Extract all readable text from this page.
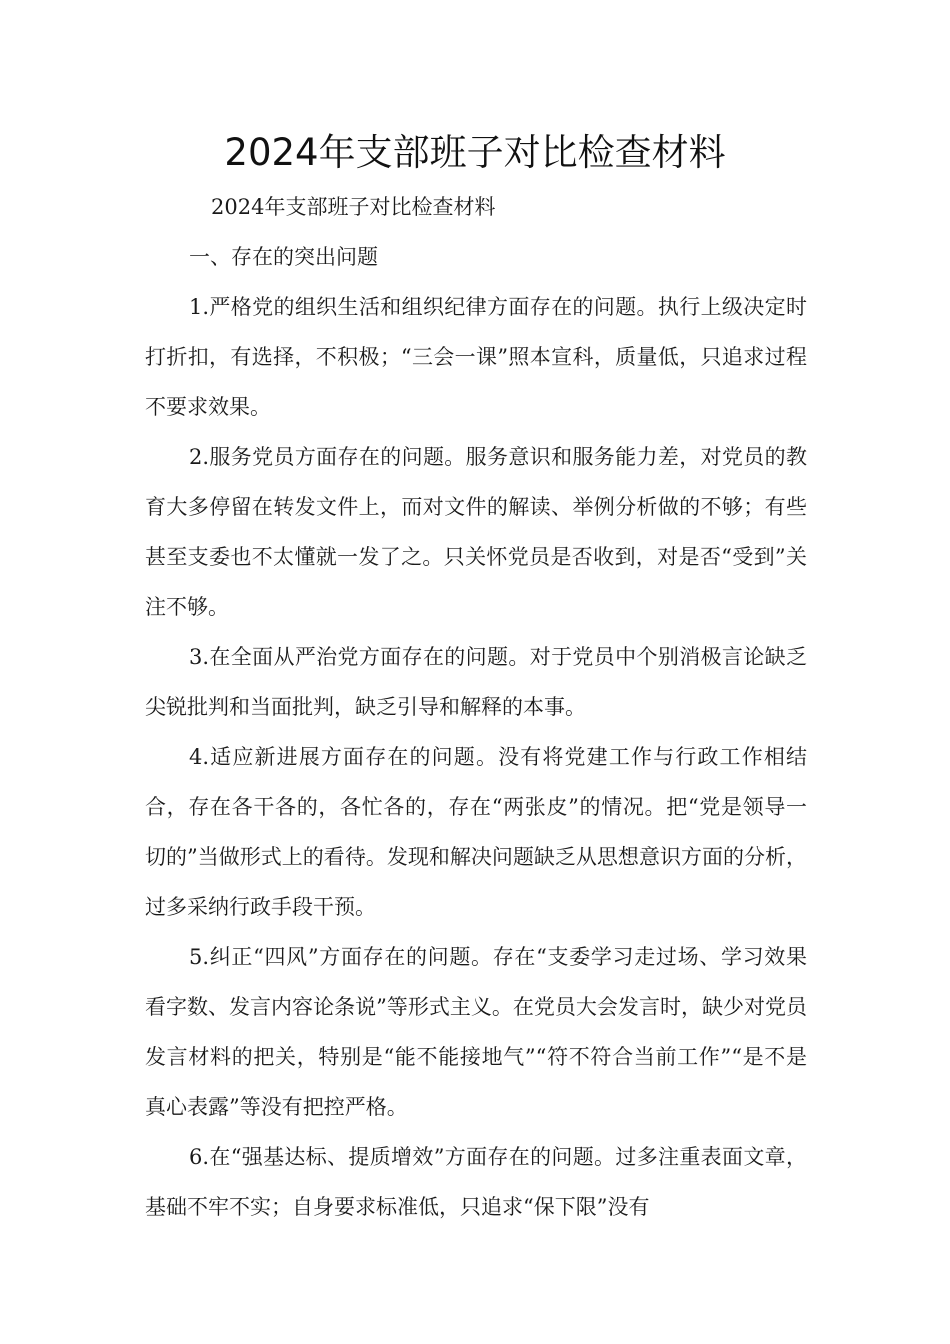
2024年支部班子对比检查材料

2024年支部班子对比检查材料

一、存在的突出问题

1.严格党的组织生活和组织纪律方面存在的问题。执行上级决定时打折扣，有选择，不积极；“三会一课”照本宣科，质量低，只追求过程不要求效果。

2.服务党员方面存在的问题。服务意识和服务能力差，对党员的教育大多停留在转发文件上，而对文件的解读、举例分析做的不够；有些甚至支委也不太懂就一发了之。只关怀党员是否收到，对是否“受到”关注不够。

3.在全面从严治党方面存在的问题。对于党员中个别消极言论缺乏尖锐批判和当面批判，缺乏引导和解释的本事。

4.适应新进展方面存在的问题。没有将党建工作与行政工作相结合，存在各干各的，各忙各的，存在“两张皮”的情况。把“党是领导一切的”当做形式上的看待。发现和解决问题缺乏从思想意识方面的分析，过多采纳行政手段干预。

5.纠正“四风”方面存在的问题。存在“支委学习走过场、学习效果看字数、发言内容论条说”等形式主义。在党员大会发言时，缺少对党员发言材料的把关，特别是“能不能接地气”“符不符合当前工作”“是不是真心表露”等没有把控严格。

6.在“强基达标、提质增效”方面存在的问题。过多注重表面文章，基础不牢不实；自身要求标准低，只追求“保下限”没有
